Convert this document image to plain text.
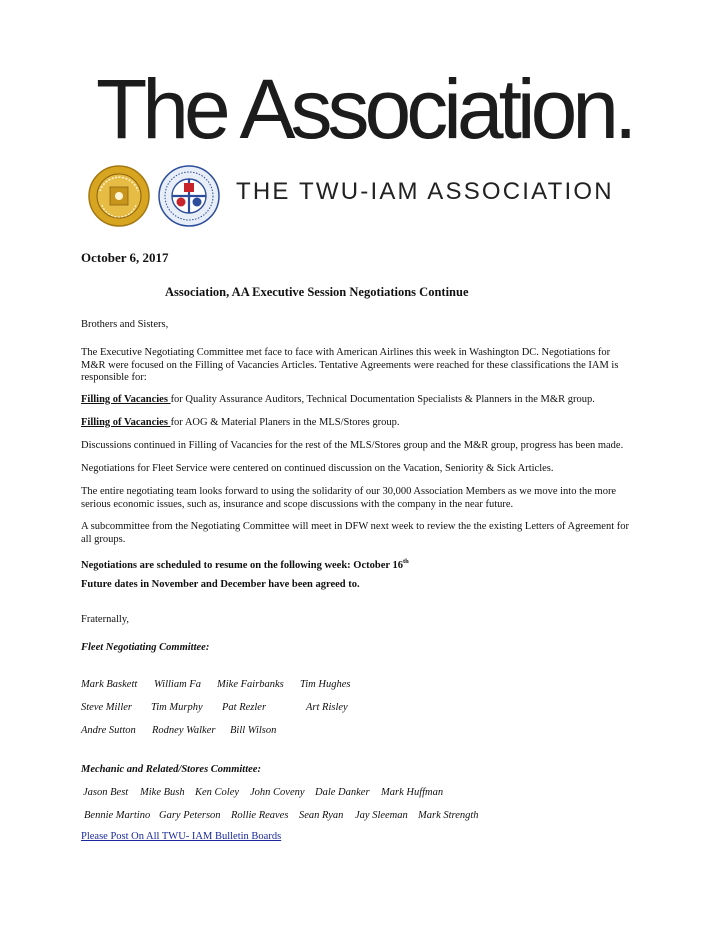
The Association.
THE TWU-IAM ASSOCIATION
October 6, 2017
Association, AA Executive Session Negotiations Continue
Brothers and Sisters,
The Executive Negotiating Committee met face to face with American Airlines this week in Washington DC. Negotiations for M&R were focused on the Filling of Vacancies Articles. Tentative Agreements were reached for these classifications the IAM is responsible for:
Filling of Vacancies for Quality Assurance Auditors, Technical Documentation Specialists & Planners in the M&R group.
Filling of Vacancies for AOG & Material Planers in the MLS/Stores group.
Discussions continued in Filling of Vacancies for the rest of the MLS/Stores group and the M&R group, progress has been made.
Negotiations for Fleet Service were centered on continued discussion on the Vacation, Seniority & Sick Articles.
The entire negotiating team looks forward to using the solidarity of our 30,000 Association Members as we move into the more serious economic issues, such as, insurance and scope discussions with the company in the near future.
A subcommittee from the Negotiating Committee will meet in DFW next week to review the the existing Letters of Agreement for all groups.
Negotiations are scheduled to resume on the following week: October 16th
Future dates in November and December have been agreed to.
Fraternally,
Fleet Negotiating Committee:
Mark Baskett William Fa Mike Fairbanks Tim Hughes
Steve Miller Tim Murphy Pat Rezler	Art Risley
Andre Sutton Rodney Walker Bill Wilson
Mechanic and Related/Stores Committee:
Jason Best Mike Bush Ken Coley John Coveny Dale Danker Mark Huffman
Bennie Martino Gary Peterson Rollie Reaves Sean Ryan Jay Sleeman Mark Strength
Please Post On All TWU- IAM Bulletin Boards
